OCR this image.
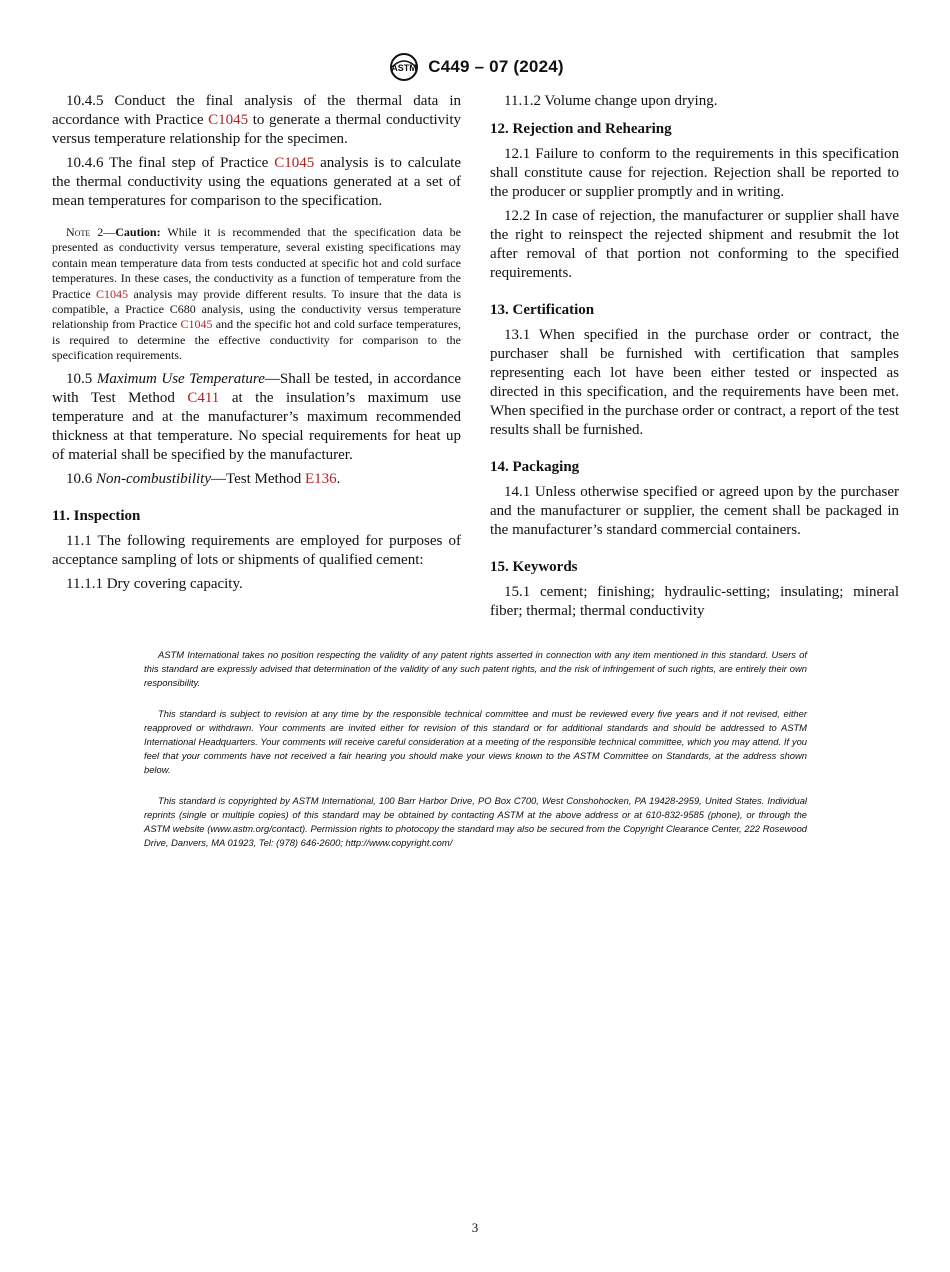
ASTM C449 – 07 (2024)

10.4.5 Conduct the final analysis of the thermal data in accordance with Practice C1045 to generate a thermal conductivity versus temperature relationship for the specimen.

10.4.6 The final step of Practice C1045 analysis is to calculate the thermal conductivity using the equations generated at a set of mean temperatures for comparison to the specification.

Note 2—Caution: While it is recommended that the specification data be presented as conductivity versus temperature, several existing specifications may contain mean temperature data from tests conducted at specific hot and cold surface temperatures. In these cases, the conductivity as a function of temperature from the Practice C1045 analysis may provide different results. To insure that the data is compatible, a Practice C680 analysis, using the conductivity versus temperature relationship from Practice C1045 and the specific hot and cold surface temperatures, is required to determine the effective conductivity for comparison to the specification requirements.

10.5 Maximum Use Temperature—Shall be tested, in accordance with Test Method C411 at the insulation’s maximum use temperature and at the manufacturer’s maximum recommended thickness at that temperature. No special requirements for heat up of material shall be specified by the manufacturer.

10.6 Non-combustibility—Test Method E136.

11. Inspection

11.1 The following requirements are employed for purposes of acceptance sampling of lots or shipments of qualified cement:

11.1.1 Dry covering capacity.

11.1.2 Volume change upon drying.

12. Rejection and Rehearing

12.1 Failure to conform to the requirements in this specification shall constitute cause for rejection. Rejection shall be reported to the producer or supplier promptly and in writing.

12.2 In case of rejection, the manufacturer or supplier shall have the right to reinspect the rejected shipment and resubmit the lot after removal of that portion not conforming to the specified requirements.

13. Certification

13.1 When specified in the purchase order or contract, the purchaser shall be furnished with certification that samples representing each lot have been either tested or inspected as directed in this specification, and the requirements have been met. When specified in the purchase order or contract, a report of the test results shall be furnished.

14. Packaging

14.1 Unless otherwise specified or agreed upon by the purchaser and the manufacturer or supplier, the cement shall be packaged in the manufacturer’s standard commercial containers.

15. Keywords

15.1 cement; finishing; hydraulic-setting; insulating; mineral fiber; thermal; thermal conductivity

ASTM International takes no position respecting the validity of any patent rights asserted in connection with any item mentioned in this standard. Users of this standard are expressly advised that determination of the validity of any such patent rights, and the risk of infringement of such rights, are entirely their own responsibility.

This standard is subject to revision at any time by the responsible technical committee and must be reviewed every five years and if not revised, either reapproved or withdrawn. Your comments are invited either for revision of this standard or for additional standards and should be addressed to ASTM International Headquarters. Your comments will receive careful consideration at a meeting of the responsible technical committee, which you may attend. If you feel that your comments have not received a fair hearing you should make your views known to the ASTM Committee on Standards, at the address shown below.

This standard is copyrighted by ASTM International, 100 Barr Harbor Drive, PO Box C700, West Conshohocken, PA 19428-2959, United States. Individual reprints (single or multiple copies) of this standard may be obtained by contacting ASTM at the above address or at 610-832-9585 (phone), or through the ASTM website (www.astm.org/contact). Permission rights to photocopy the standard may also be secured from the Copyright Clearance Center, 222 Rosewood Drive, Danvers, MA 01923, Tel: (978) 646-2600; http://www.copyright.com/

3
